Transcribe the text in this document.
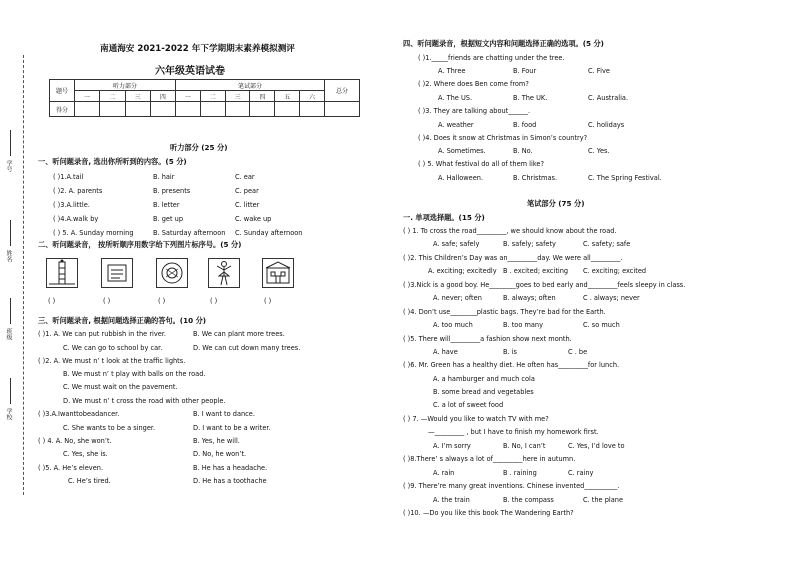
学号
姓名
班级
学校
南通海安 2021-2022 年下学期期末素养模拟测评
六年级英语试卷
题号	听力部分				笔试部分						总分
	一	二	三	四	一	二	三	四	五	六	
得分											
听力部分 (25 分)
一、听问题录音, 选出你所听到的内容。(5 分)
( )1.A.tail	B. hair	C. ear
( )2. A. parents	B. presents	C. pear
( )3.A.little.	B. letter	C. litter
( )4.A.walk by	B. get up	C. wake up
( ) 5. A. Sunday morning	B. Saturday afternoon C. Sunday afternoon
二、听问题录音， 按所听顺序用数字给下列图片标序号。(5 分)
( )	( )	( )	( )	( )
三、听问题录音, 根据问题选择正确的答句。(10 分)
( )1. A. We can put rubbish in the river.	B. We can plant more trees.
C. We can go to school by car.	D. We can cut down many trees.
( )2. A. We must n’ t look at the traffic lights.
B. We must n’ t play with balls on the road.
C. We must wait on the pavement.
D. We must n’ t cross the road with other people.
( )3.A.Iwanttobeadancer.	B. I want to dance.
C. She wants to be a singer.	D. I want to be a writer.
( ) 4. A. No, she won’t.	B. Yes, he will.
C. Yes, she is.	D. No, he won’t.
( )5. A. He’s eleven.	B. He has a headache.
C. He’s tired.	D. He has a toothache
四、听问题录音，根据短文内容和问题选择正确的选项。(5 分)
( )1._____friends are chatting under the tree.
A. Three	B. Four	C. Five
( )2. Where does Ben come from?
A. The US.	B. The UK.	C. Australia.
( )3. They are talking about______.
A. weather	B. food	C. holidays
( )4. Does it snow at Christmas in Simon’s country?
A. Sometimes.	B. No.	C. Yes.
( ) 5. What festival do all of them like?
A. Halloween.	B. Christmas.	C. The Spring Festival.
笔试部分 (75 分)
一. 单项选择题。(15 分)
( ) 1. To cross the road_________, we should know about the road.
A. safe; safely	B. safely; safety	C. safety; safe
( )2. This Children’s Day was an_________day. We were all_________.
A. exciting; excitedly B . excited; exciting C. exciting; excited
( )3.Nick is a good boy. He________goes to bed early and_________feels sleepy in class.
A. never; often	B. always; often	C . always; never
( )4. Don’t use________plastic bags. They’re bad for the Earth.
A. too much	B. too many	C. so much
( )5. There will_________a fashion show next month.
A. have	B. is	C . be
( )6. Mr. Green has a healthy diet. He often has_________for lunch.
A. a hamburger and much cola
B. some bread and vegetables
C. a lot of sweet food
( ) 7. —Would you like to watch TV with me?
—_________ , but I have to finish my homework first.
A. I’m sorry	B. No, I can’t	C. Yes, I’d love to
( )8.There’ s always a lot of_________here in autumn.
A. rain	B . raining	C. rainy
( )9. There’re many great inventions. Chinese invented__________.
A. the train	B. the compass	C. the plane
( )10. —Do you like this book The Wandering Earth?
